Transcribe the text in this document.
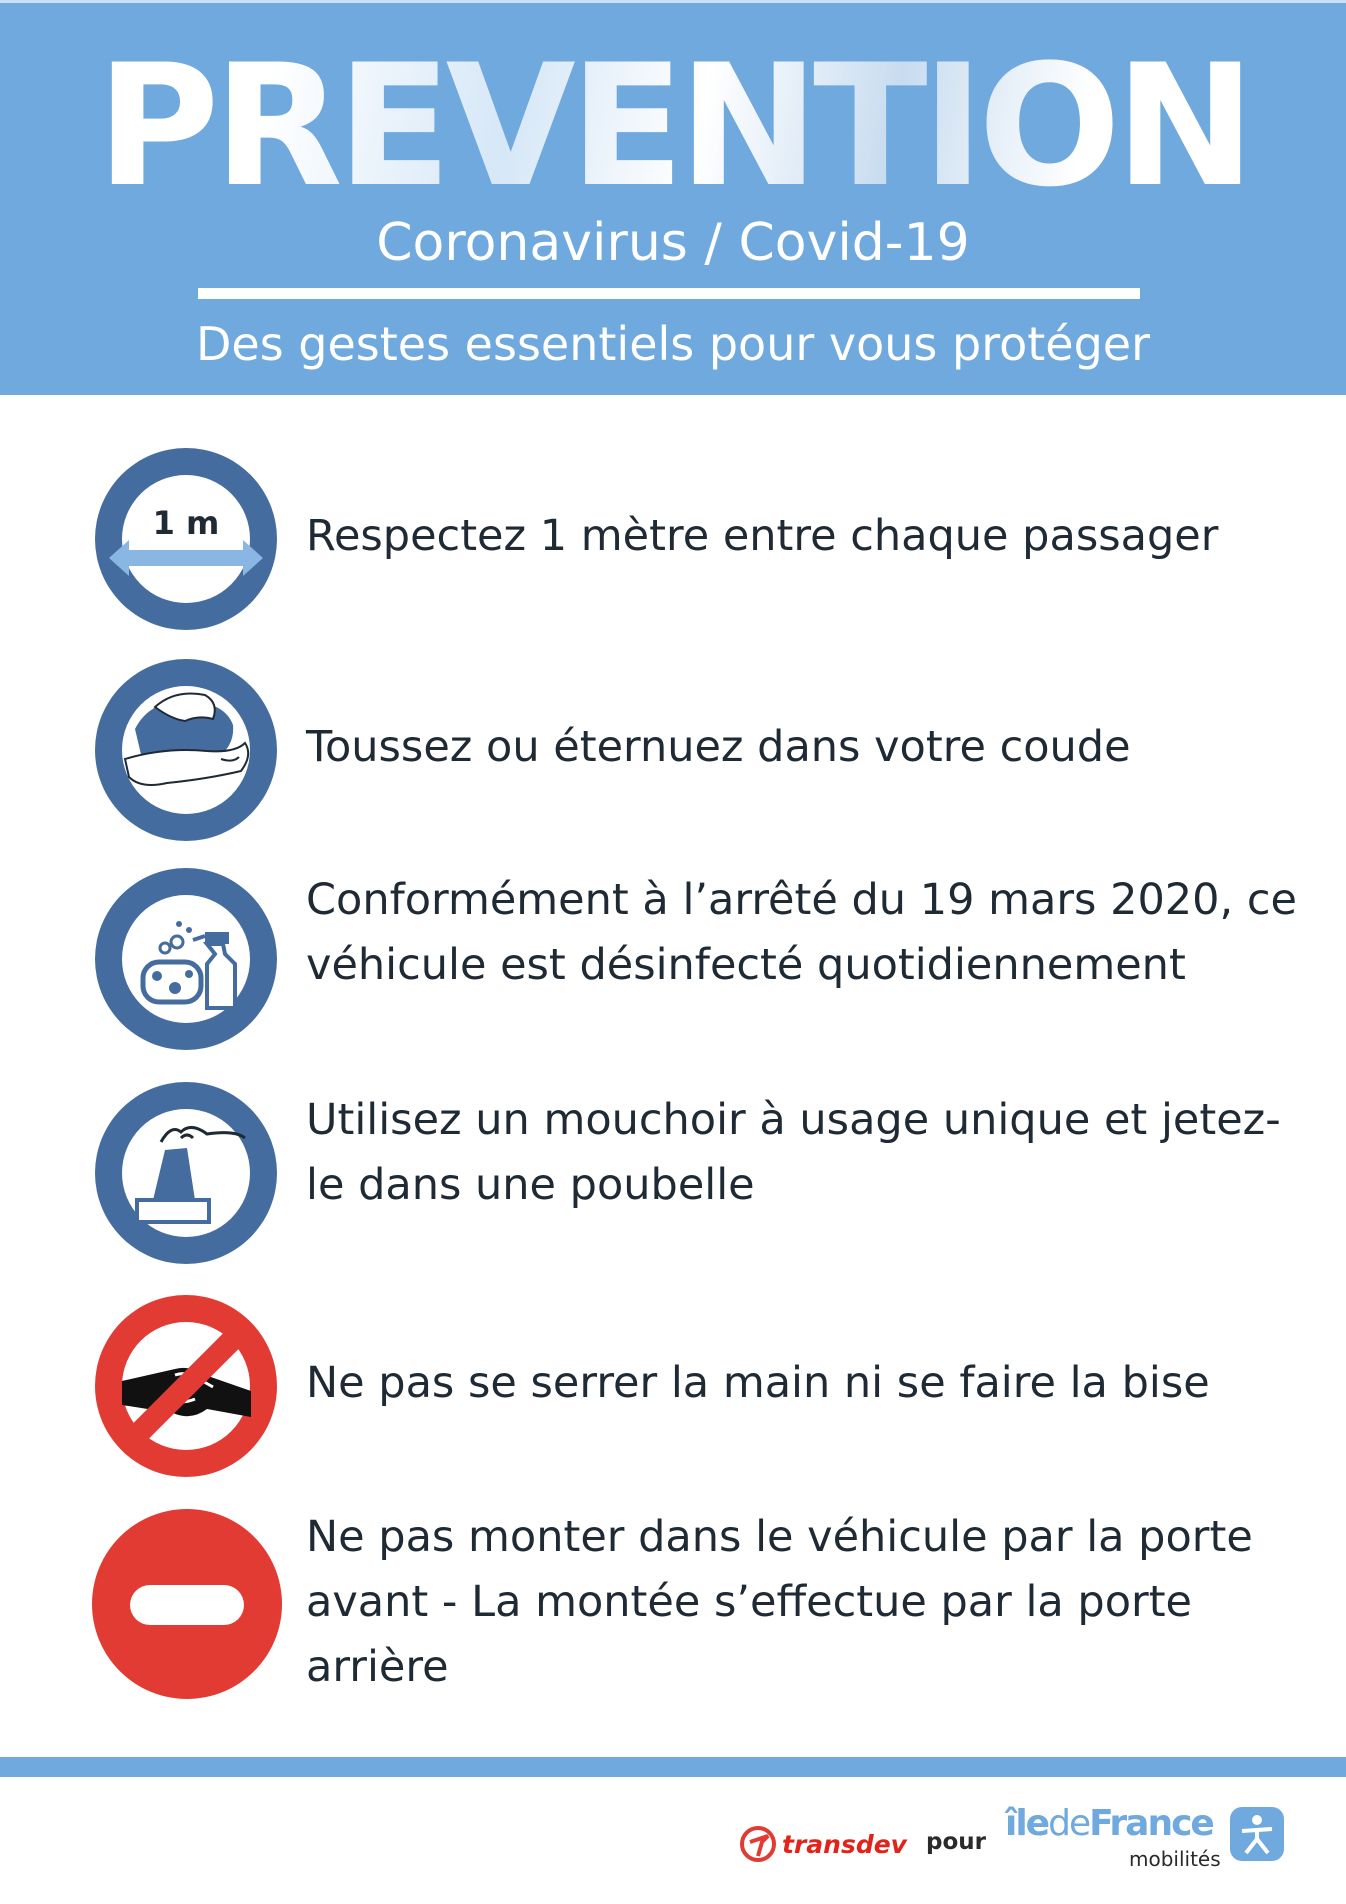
PREVENTION
Coronavirus / Covid-19
Des gestes essentiels pour vous protéger
1 m Respectez 1 mètre entre chaque passager
Toussez ou éternuez dans votre coude
Conformément à l’arrêté du 19 mars 2020, ce véhicule est désinfecté quotidiennement
Utilisez un mouchoir à usage unique et jetez-le dans une poubelle
Ne pas se serrer la main ni se faire la bise
Ne pas monter dans le véhicule par la porte avant - La montée s’effectue par la porte arrière
transdev pour îledeFrance
mobilités
